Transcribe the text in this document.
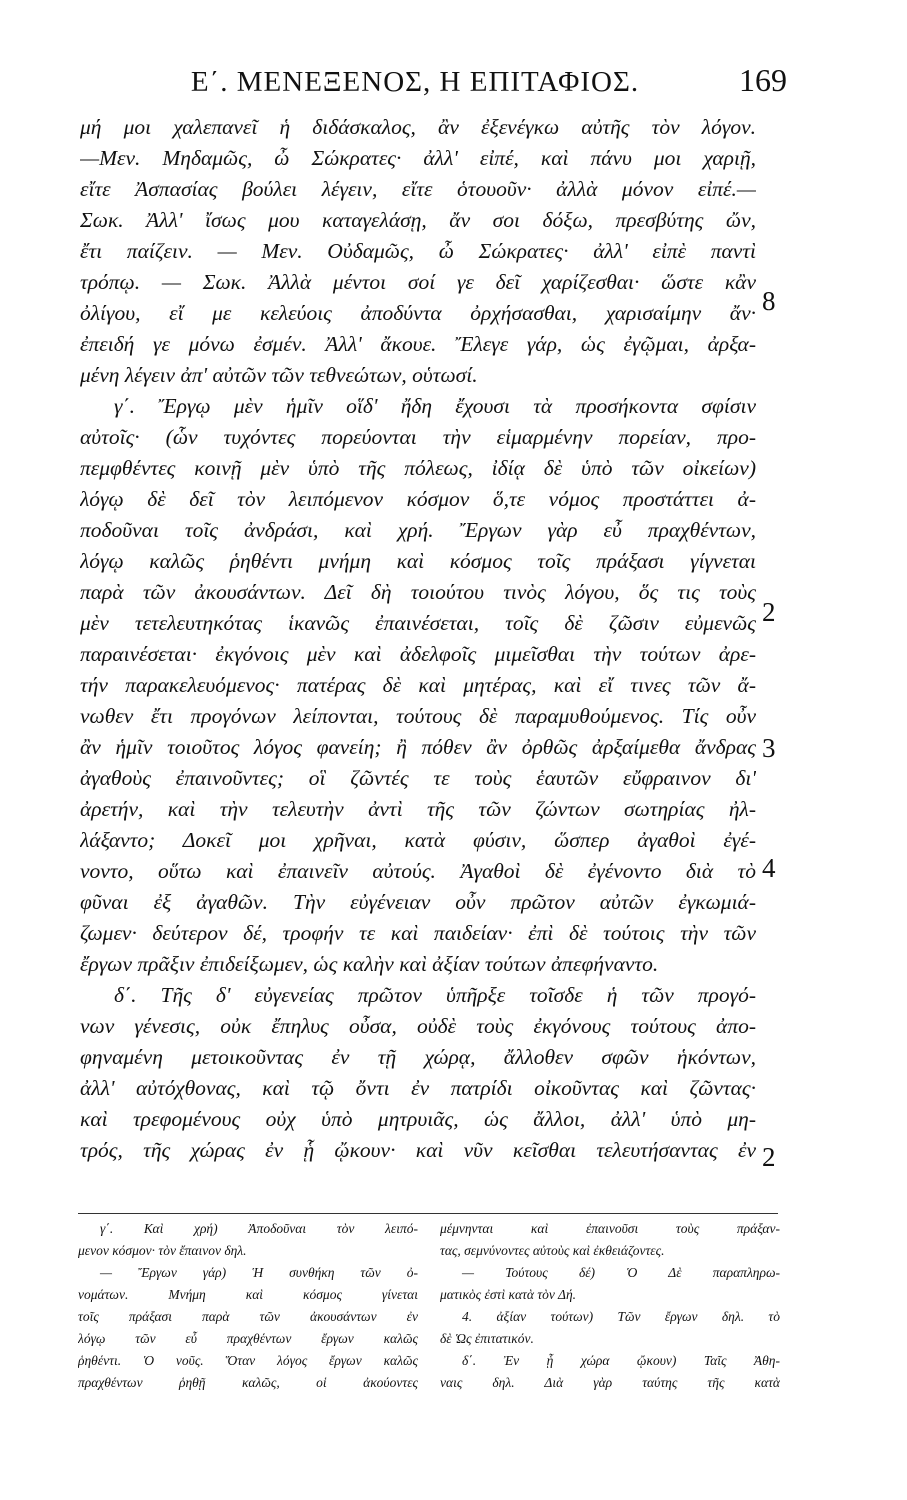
Ε΄. ΜΕΝΕΞΕΝΟΣ, Η ΕΠΙΤΑΦΙΟΣ.	169
μή μοι χαλεπανεῖ ἡ διδάσκαλος, ἂν ἐξενέγκω αὐτῆς τὸν λόγον.
—Μεν. Μηδαμῶς, ὦ Σώκρατες· ἀλλ' εἰπέ, καὶ πάνυ μοι χαριῇ,
εἴτε Ἀσπασίας βούλει λέγειν, εἴτε ὁτουοῦν· ἀλλὰ μόνον εἰπέ.—
Σωκ. Ἀλλ' ἴσως μου καταγελάσῃ, ἄν σοι δόξω, πρεσβύτης ὤν,
ἔτι παίζειν. — Μεν. Οὐδαμῶς, ὦ Σώκρατες· ἀλλ' εἰπὲ παντὶ
τρόπῳ. — Σωκ. Ἀλλὰ μέντοι σοί γε δεῖ χαρίζεσθαι· ὥστε κἂν
ὀλίγου, εἴ με κελεύοις ἀποδύντα ὀρχήσασθαι, χαρισαίμην ἄν·
ἐπειδή γε μόνω ἐσμέν. Ἀλλ' ἄκουε. Ἔλεγε γάρ, ὡς ἐγῷμαι, ἀρξα-
μένη λέγειν ἀπ' αὐτῶν τῶν τεθνεώτων, οὑτωσί.
γ΄. Ἔργῳ μὲν ἡμῖν οἵδ' ἤδη ἔχουσι τὰ προσήκοντα σφίσιν
αὐτοῖς· (ὧν τυχόντες πορεύονται τὴν εἱμαρμένην πορείαν, προ-
πεμφθέντες κοινῇ μὲν ὑπὸ τῆς πόλεως, ἰδίᾳ δὲ ὑπὸ τῶν οἰκείων)
λόγῳ δὲ δεῖ τὸν λειπόμενον κόσμον ὅ,τε νόμος προστάττει ἀ-
ποδοῦναι τοῖς ἀνδράσι, καὶ χρή. Ἔργων γὰρ εὖ πραχθέντων,
λόγῳ καλῶς ῥηθέντι μνήμη καὶ κόσμος τοῖς πράξασι γίγνεται
παρὰ τῶν ἀκουσάντων. Δεῖ δὴ τοιούτου τινὸς λόγου, ὅς τις τοὺς
μὲν τετελευτηκότας ἱκανῶς ἐπαινέσεται, τοῖς δὲ ζῶσιν εὐμενῶς
παραινέσεται· ἐκγόνοις μὲν καὶ ἀδελφοῖς μιμεῖσθαι τὴν τούτων ἀρε-
τήν παρακελευόμενος· πατέρας δὲ καὶ μητέρας, καὶ εἴ τινες τῶν ἄ-
νωθεν ἔτι προγόνων λείπονται, τούτους δὲ παραμυθούμενος. Τίς οὖν
ἂν ἡμῖν τοιοῦτος λόγος φανείη; ἢ πόθεν ἂν ὀρθῶς ἀρξαίμεθα ἄνδρας
ἀγαθοὺς ἐπαινοῦντες; οἳ ζῶντές τε τοὺς ἑαυτῶν εὔφραινον δι'
ἀρετήν, καὶ τὴν τελευτὴν ἀντὶ τῆς τῶν ζώντων σωτηρίας ἠλ-
λάξαντο; Δοκεῖ μοι χρῆναι, κατὰ φύσιν, ὥσπερ ἀγαθοὶ ἐγέ-
νοντο, οὕτω καὶ ἐπαινεῖν αὐτούς. Ἀγαθοὶ δὲ ἐγένοντο διὰ τὸ
φῦναι ἐξ ἀγαθῶν. Τὴν εὐγένειαν οὖν πρῶτον αὐτῶν ἐγκωμιά-
ζωμεν· δεύτερον δέ, τροφήν τε καὶ παιδείαν· ἐπὶ δὲ τούτοις τὴν τῶν
ἔργων πρᾶξιν ἐπιδείξωμεν, ὡς καλὴν καὶ ἀξίαν τούτων ἀπεφήναντο.
δ΄. Τῆς δ' εὐγενείας πρῶτον ὑπῆρξε τοῖσδε ἡ τῶν προγό-
νων γένεσις, οὐκ ἔπηλυς οὖσα, οὐδὲ τοὺς ἐκγόνους τούτους ἀπο-
φηναμένη μετοικοῦντας ἐν τῇ χώρᾳ, ἄλλοθεν σφῶν ἡκόντων,
ἀλλ' αὐτόχθονας, καὶ τῷ ὄντι ἐν πατρίδι οἰκοῦντας καὶ ζῶντας·
καὶ τρεφομένους οὐχ ὑπὸ μητρυιᾶς, ὡς ἄλλοι, ἀλλ' ὑπὸ μη-
τρός, τῆς χώρας ἐν ᾗ ᾤκουν· καὶ νῦν κεῖσθαι τελευτήσαντας ἐν
8
2
3
4
2
γ΄. Καὶ χρή) Ἀποδοῦναι τὸν λειπό-
μενον κόσμον· τὸν ἔπαινον δηλ.
— Ἔργων γάρ) Ἡ συνθήκη τῶν ὀ-
νομάτων. Μνήμη καὶ κόσμος γίνεται
τοῖς πράξασι παρὰ τῶν ἀκουσάντων ἐν
λόγῳ τῶν εὖ πραχθέντων ἔργων καλῶς
ῥηθέντι. Ὁ νοῦς. Ὅταν λόγος ἔργων καλῶς
πραχθέντων ῥηθῇ καλῶς, οἱ ἀκούοντες
μέμνηνται καὶ ἐπαινοῦσι τοὺς πράξαν-
τας, σεμνύνοντες αὐτοὺς καὶ ἐκθειάζοντες.
— Τούτους δέ) Ὁ Δὲ παραπληρω-
ματικὸς ἐστὶ κατὰ τὸν Δή.
4. ἀξίαν τούτων) Τῶν ἔργων δηλ. τὸ
δὲ Ὡς ἐπιτατικόν.
δ΄. Ἐν ᾗ χώρα ᾤκουν) Ταῖς Ἀθη-
ναις δηλ. Διὰ γὰρ ταύτης τῆς κατὰ
